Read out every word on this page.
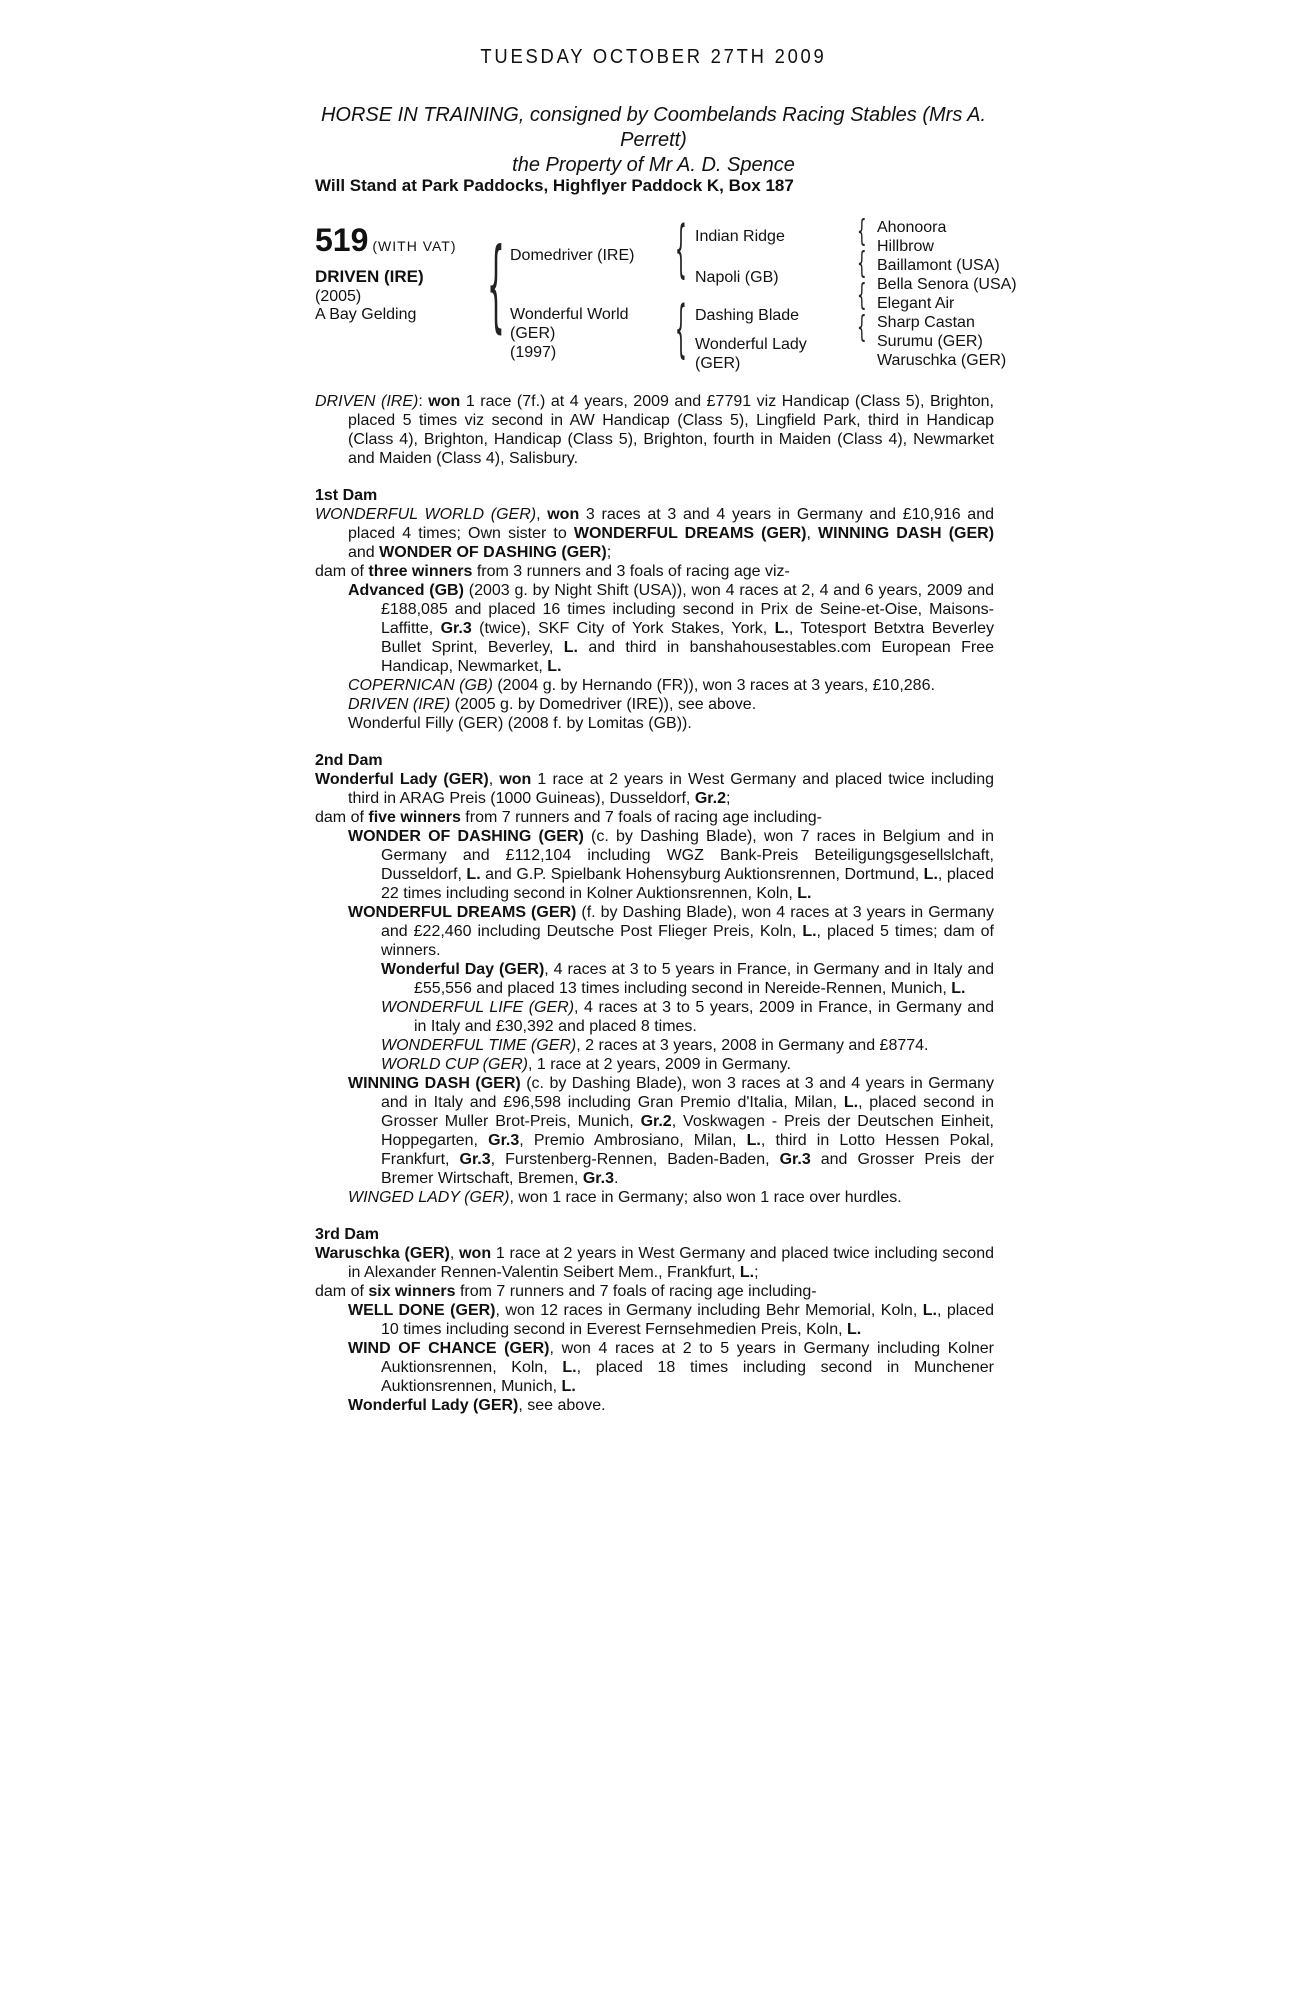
TUESDAY OCTOBER 27TH 2009
HORSE IN TRAINING, consigned by Coombelands Racing Stables (Mrs A. Perrett)
the Property of Mr A. D. Spence
Will Stand at Park Paddocks, Highflyer Paddock K, Box 187
519 (WITH VAT)
DRIVEN (IRE)
(2005)
A Bay Gelding {	{
{
{
{
{
{
Domedriver (IRE)
Wonderful World
(GER)
(1997)
Indian Ridge
Napoli (GB)
Dashing Blade
Wonderful Lady
(GER)
Ahonoora
Hillbrow
Baillamont (USA)
Bella Senora (USA)
Elegant Air
Sharp Castan
Surumu (GER)
Waruschka (GER)
DRIVEN (IRE): won 1 race (7f.) at 4 years, 2009 and £7791 viz Handicap (Class 5), Brighton, placed 5 times viz second in AW Handicap (Class 5), Lingfield Park, third in Handicap (Class 4), Brighton, Handicap (Class 5), Brighton, fourth in Maiden (Class 4), Newmarket and Maiden (Class 4), Salisbury.
1st Dam
WONDERFUL WORLD (GER), won 3 races at 3 and 4 years in Germany and £10,916 and placed 4 times; Own sister to WONDERFUL DREAMS (GER), WINNING DASH (GER) and WONDER OF DASHING (GER);
dam of three winners from 3 runners and 3 foals of racing age viz-
Advanced (GB) (2003 g. by Night Shift (USA)), won 4 races at 2, 4 and 6 years, 2009 and £188,085 and placed 16 times including second in Prix de Seine-et-Oise, Maisons-Laffitte, Gr.3 (twice), SKF City of York Stakes, York, L., Totesport Betxtra Beverley Bullet Sprint, Beverley, L. and third in banshahousestables.com European Free Handicap, Newmarket, L.
COPERNICAN (GB) (2004 g. by Hernando (FR)), won 3 races at 3 years, £10,286.
DRIVEN (IRE) (2005 g. by Domedriver (IRE)), see above.
Wonderful Filly (GER) (2008 f. by Lomitas (GB)).
2nd Dam
Wonderful Lady (GER), won 1 race at 2 years in West Germany and placed twice including third in ARAG Preis (1000 Guineas), Dusseldorf, Gr.2;
dam of five winners from 7 runners and 7 foals of racing age including-
WONDER OF DASHING (GER) (c. by Dashing Blade), won 7 races in Belgium and in Germany and £112,104 including WGZ Bank-Preis Beteiligungsgesellslchaft, Dusseldorf, L. and G.P. Spielbank Hohensyburg Auktionsrennen, Dortmund, L., placed 22 times including second in Kolner Auktionsrennen, Koln, L.
WONDERFUL DREAMS (GER) (f. by Dashing Blade), won 4 races at 3 years in Germany and £22,460 including Deutsche Post Flieger Preis, Koln, L., placed 5 times; dam of winners.
Wonderful Day (GER), 4 races at 3 to 5 years in France, in Germany and in Italy and £55,556 and placed 13 times including second in Nereide-Rennen, Munich, L.
WONDERFUL LIFE (GER), 4 races at 3 to 5 years, 2009 in France, in Germany and in Italy and £30,392 and placed 8 times.
WONDERFUL TIME (GER), 2 races at 3 years, 2008 in Germany and £8774.
WORLD CUP (GER), 1 race at 2 years, 2009 in Germany.
WINNING DASH (GER) (c. by Dashing Blade), won 3 races at 3 and 4 years in Germany and in Italy and £96,598 including Gran Premio d'Italia, Milan, L., placed second in Grosser Muller Brot-Preis, Munich, Gr.2, Voskwagen - Preis der Deutschen Einheit, Hoppegarten, Gr.3, Premio Ambrosiano, Milan, L., third in Lotto Hessen Pokal, Frankfurt, Gr.3, Furstenberg-Rennen, Baden-Baden, Gr.3 and Grosser Preis der Bremer Wirtschaft, Bremen, Gr.3.
WINGED LADY (GER), won 1 race in Germany; also won 1 race over hurdles.
3rd Dam
Waruschka (GER), won 1 race at 2 years in West Germany and placed twice including second in Alexander Rennen-Valentin Seibert Mem., Frankfurt, L.;
dam of six winners from 7 runners and 7 foals of racing age including-
WELL DONE (GER), won 12 races in Germany including Behr Memorial, Koln, L., placed 10 times including second in Everest Fernsehmedien Preis, Koln, L.
WIND OF CHANCE (GER), won 4 races at 2 to 5 years in Germany including Kolner Auktionsrennen, Koln, L., placed 18 times including second in Munchener Auktionsrennen, Munich, L.
Wonderful Lady (GER), see above.
